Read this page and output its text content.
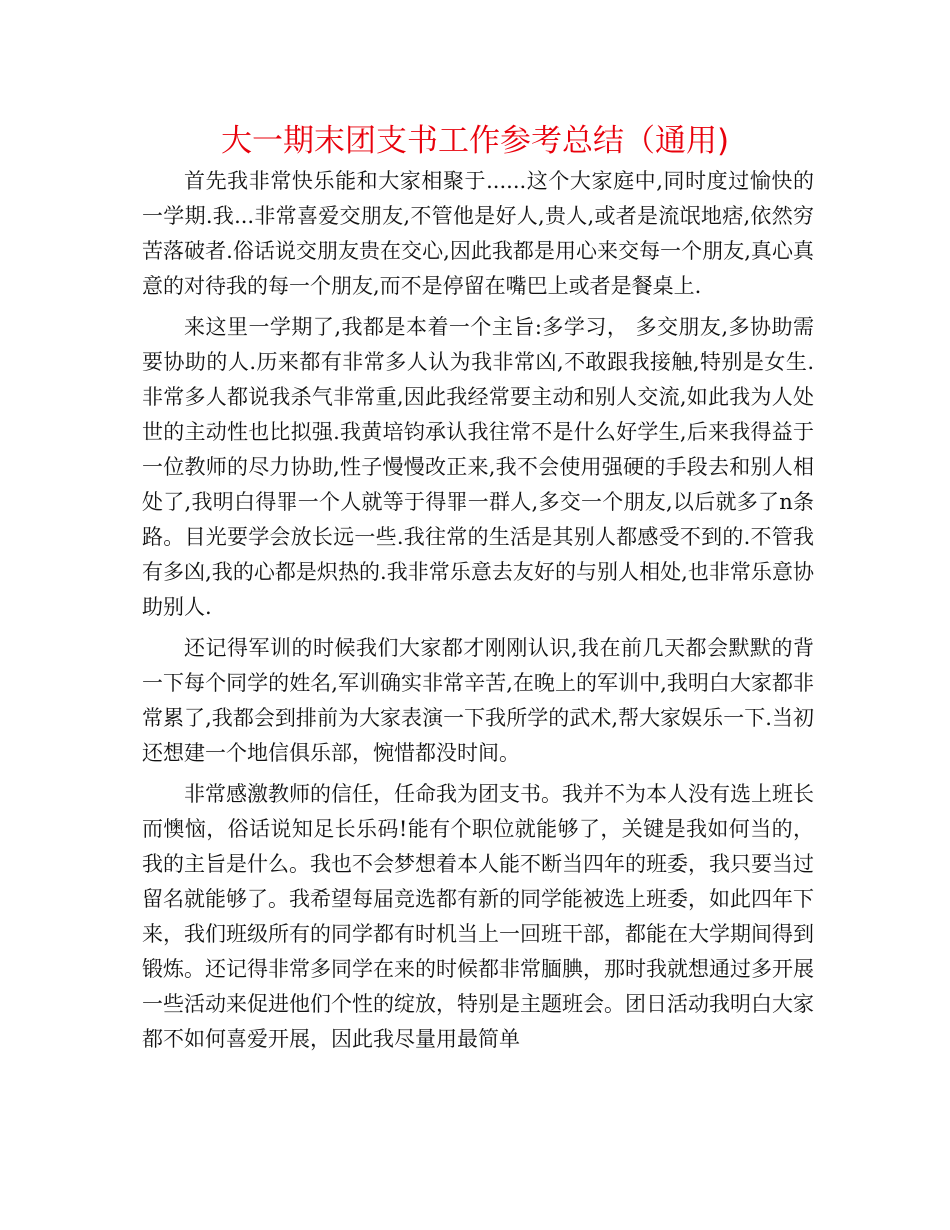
大一期末团支书工作参考总结（通用)

首先我非常快乐能和大家相聚于......这个大家庭中,同时度过愉快的一学期.我...非常喜爱交朋友,不管他是好人,贵人,或者是流氓地痞,依然穷苦落破者.俗话说交朋友贵在交心,因此我都是用心来交每一个朋友,真心真意的对待我的每一个朋友,而不是停留在嘴巴上或者是餐桌上.

来这里一学期了,我都是本着一个主旨:多学习， 多交朋友,多协助需要协助的人.历来都有非常多人认为我非常凶,不敢跟我接触,特别是女生.非常多人都说我杀气非常重,因此我经常要主动和别人交流,如此我为人处世的主动性也比拟强.我黄培钧承认我往常不是什么好学生,后来我得益于一位教师的尽力协助,性子慢慢改正来,我不会使用强硬的手段去和别人相处了,我明白得罪一个人就等于得罪一群人,多交一个朋友,以后就多了n条路。目光要学会放长远一些.我往常的生活是其别人都感受不到的.不管我有多凶,我的心都是炽热的.我非常乐意去友好的与别人相处,也非常乐意协助别人.

还记得军训的时候我们大家都才刚刚认识,我在前几天都会默默的背一下每个同学的姓名,军训确实非常辛苦,在晚上的军训中,我明白大家都非常累了,我都会到排前为大家表演一下我所学的武术,帮大家娱乐一下.当初还想建一个地信俱乐部，惋惜都没时间。

非常感激教师的信任，任命我为团支书。我并不为本人没有选上班长而懊恼，俗话说知足长乐码!能有个职位就能够了，关键是我如何当的，我的主旨是什么。我也不会梦想着本人能不断当四年的班委，我只要当过留名就能够了。我希望每届竞选都有新的同学能被选上班委，如此四年下来，我们班级所有的同学都有时机当上一回班干部，都能在大学期间得到锻炼。还记得非常多同学在来的时候都非常腼腆，那时我就想通过多开展一些活动来促进他们个性的绽放，特别是主题班会。团日活动我明白大家都不如何喜爱开展，因此我尽量用最简单
